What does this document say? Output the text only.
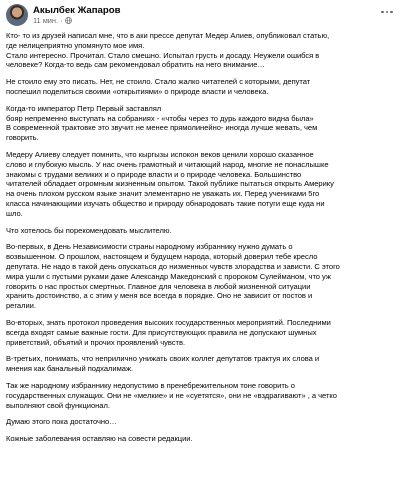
Акылбек Жапаров
11 мин. ·

Кто- то из друзей написал мне, что в аки прессе депутат Медер Алиев, опубликовал статью,
где нелицеприятно упомянуто мое имя.
Стало интересно. Прочитал. Стало смешно. Испытал грусть и досаду. Неужели ошибся в
человеке? Когда-то ведь сам рекомендовал обратить на него внимание…

Не стоило ему это писать. Нет, не стоило. Стало жалко читателей с которыми, депутат
поспешил поделиться своими «открытиями» о природе власти и человека.

Когда-то император Петр Первый заставлял
бояр непременно выступать на собраниях - «чтобы через то дурь каждого видна была»
В современной трактовке это звучит не менее прямолинейно- иногда лучше жевать, чем
говорить.

Медеру Алиеву следует помнить, что кыргызы испокон веков ценили хорошо сказанное
слово и глубокую мысль. У нас очень грамотный и читающий народ, многие не понаслышке
знакомы с трудами великих и о природе власти и о природе человека. Большинство
читателей обладает огромным жизненным опытом. Такой публике пытаться открыть Америку
на очень плохом русском языке значит элементарно не уважать их. Перед учениками 5го
класса начинающими изучать общество и природу обнародовать такие потуги еще куда ни
шло.

Что хотелось бы порекомендовать мыслителю.

Во-первых, в День Независимости страны народному избраннику нужно думать о
возвышенном. О прошлом, настоящем и будущем народа, который доверил тебе кресло
депутата. Не надо в такой день опускаться до низменных чувств злорадства и зависти. С этого
мира ушли с пустыми руками даже Александр Македонский с пророком Сулейманом, что уж
говорить о нас простых смертных. Главное для человека в любой жизненной ситуации
хранить достоинство, а с этим у меня все всегда в порядке. Оно не зависит от постов и
регалии.

Во-вторых, знать протокол проведения высоких государственных мероприятий. Последними
всегда входят самые важные гости. Для присутствующих правила не допускают шумных
приветствий, объятий и прочих проявлений чувств.

В-третьих, понимать, что неприлично унижать своих коллег депутатов трактуя их слова и
мнения как банальный подхалимаж.

Так же народному избраннику недопустимо в пренебрежительном тоне говорить о
государственных служащих. Они не «мелкие» и не «суетятся», они не «вздрагивают» , а четко
выполняют свой функционал.

Думаю этого пока достаточно…

Кожные заболевания оставляю на совести редакции.
